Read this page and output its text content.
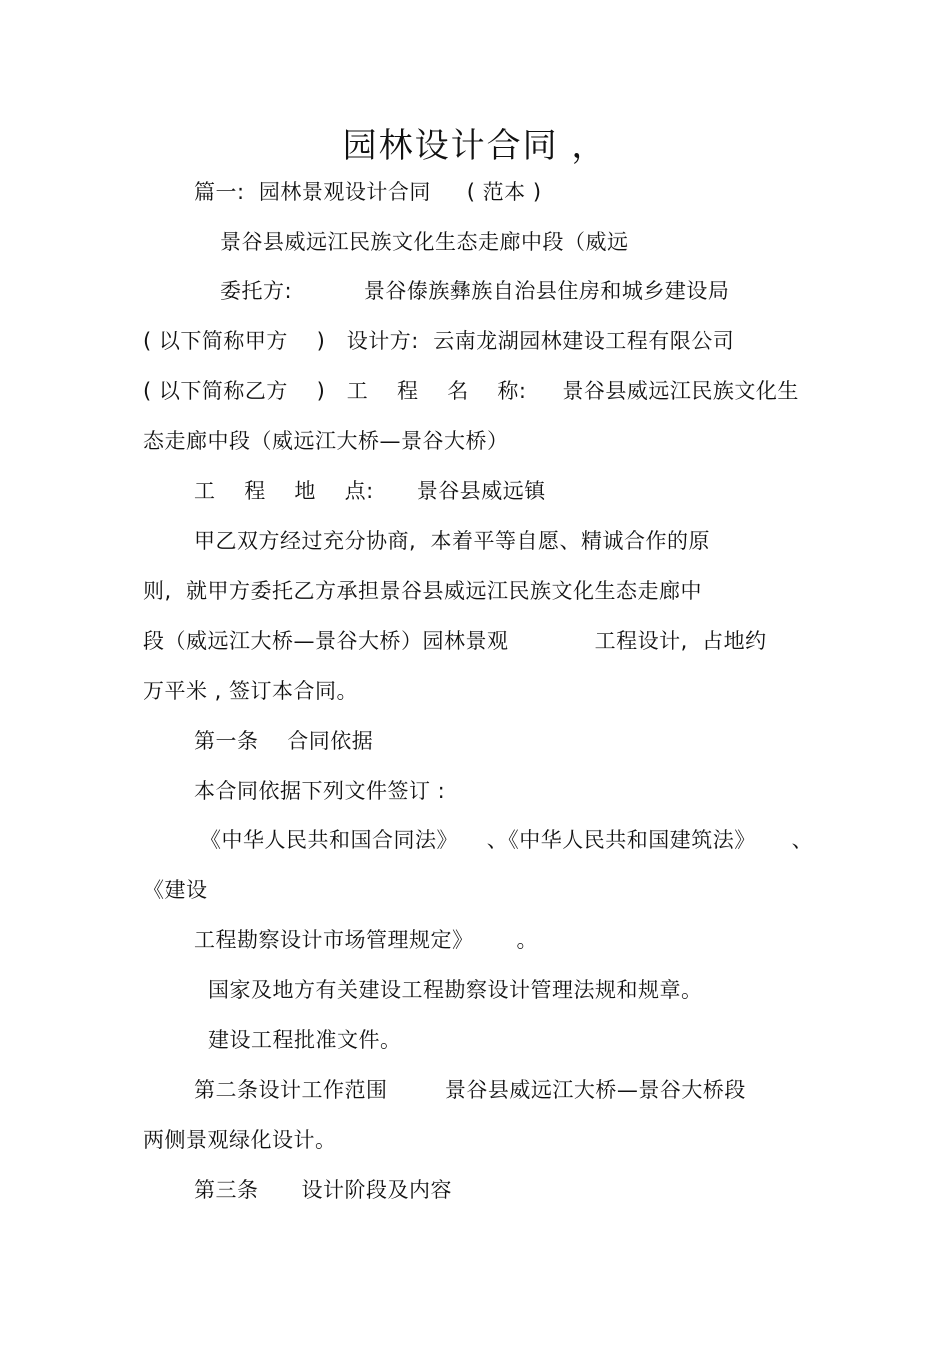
园林设计合同 ，
篇一:  园林景观设计合同     ( 范本 )
景谷县威远江民族文化生态走廊中段（威远
委托方:          景谷傣族彝族自治县住房和城乡建设局
( 以下简称甲方    )   设计方:  云南龙湖园林建设工程有限公司
( 以下简称乙方    )   工    程    名    称:     景谷县威远江民族文化生
态走廊中段（威远江大桥—景谷大桥）
工    程    地    点:      景谷县威远镇
甲乙双方经过充分协商,  本着平等自愿、精诚合作的原
则,  就甲方委托乙方承担景谷县威远江民族文化生态走廊中
段（威远江大桥—景谷大桥）园林景观            工程设计,  占地约
万平米 , 签订本合同。
第一条    合同依据
本合同依据下列文件签订 :
《中华人民共和国合同法》    、《中华人民共和国建筑法》     、
《建设
工程勘察设计市场管理规定》      。
国家及地方有关建设工程勘察设计管理法规和规章。
建设工程批准文件。
第二条设计工作范围        景谷县威远江大桥—景谷大桥段
两侧景观绿化设计。
第三条      设计阶段及内容
